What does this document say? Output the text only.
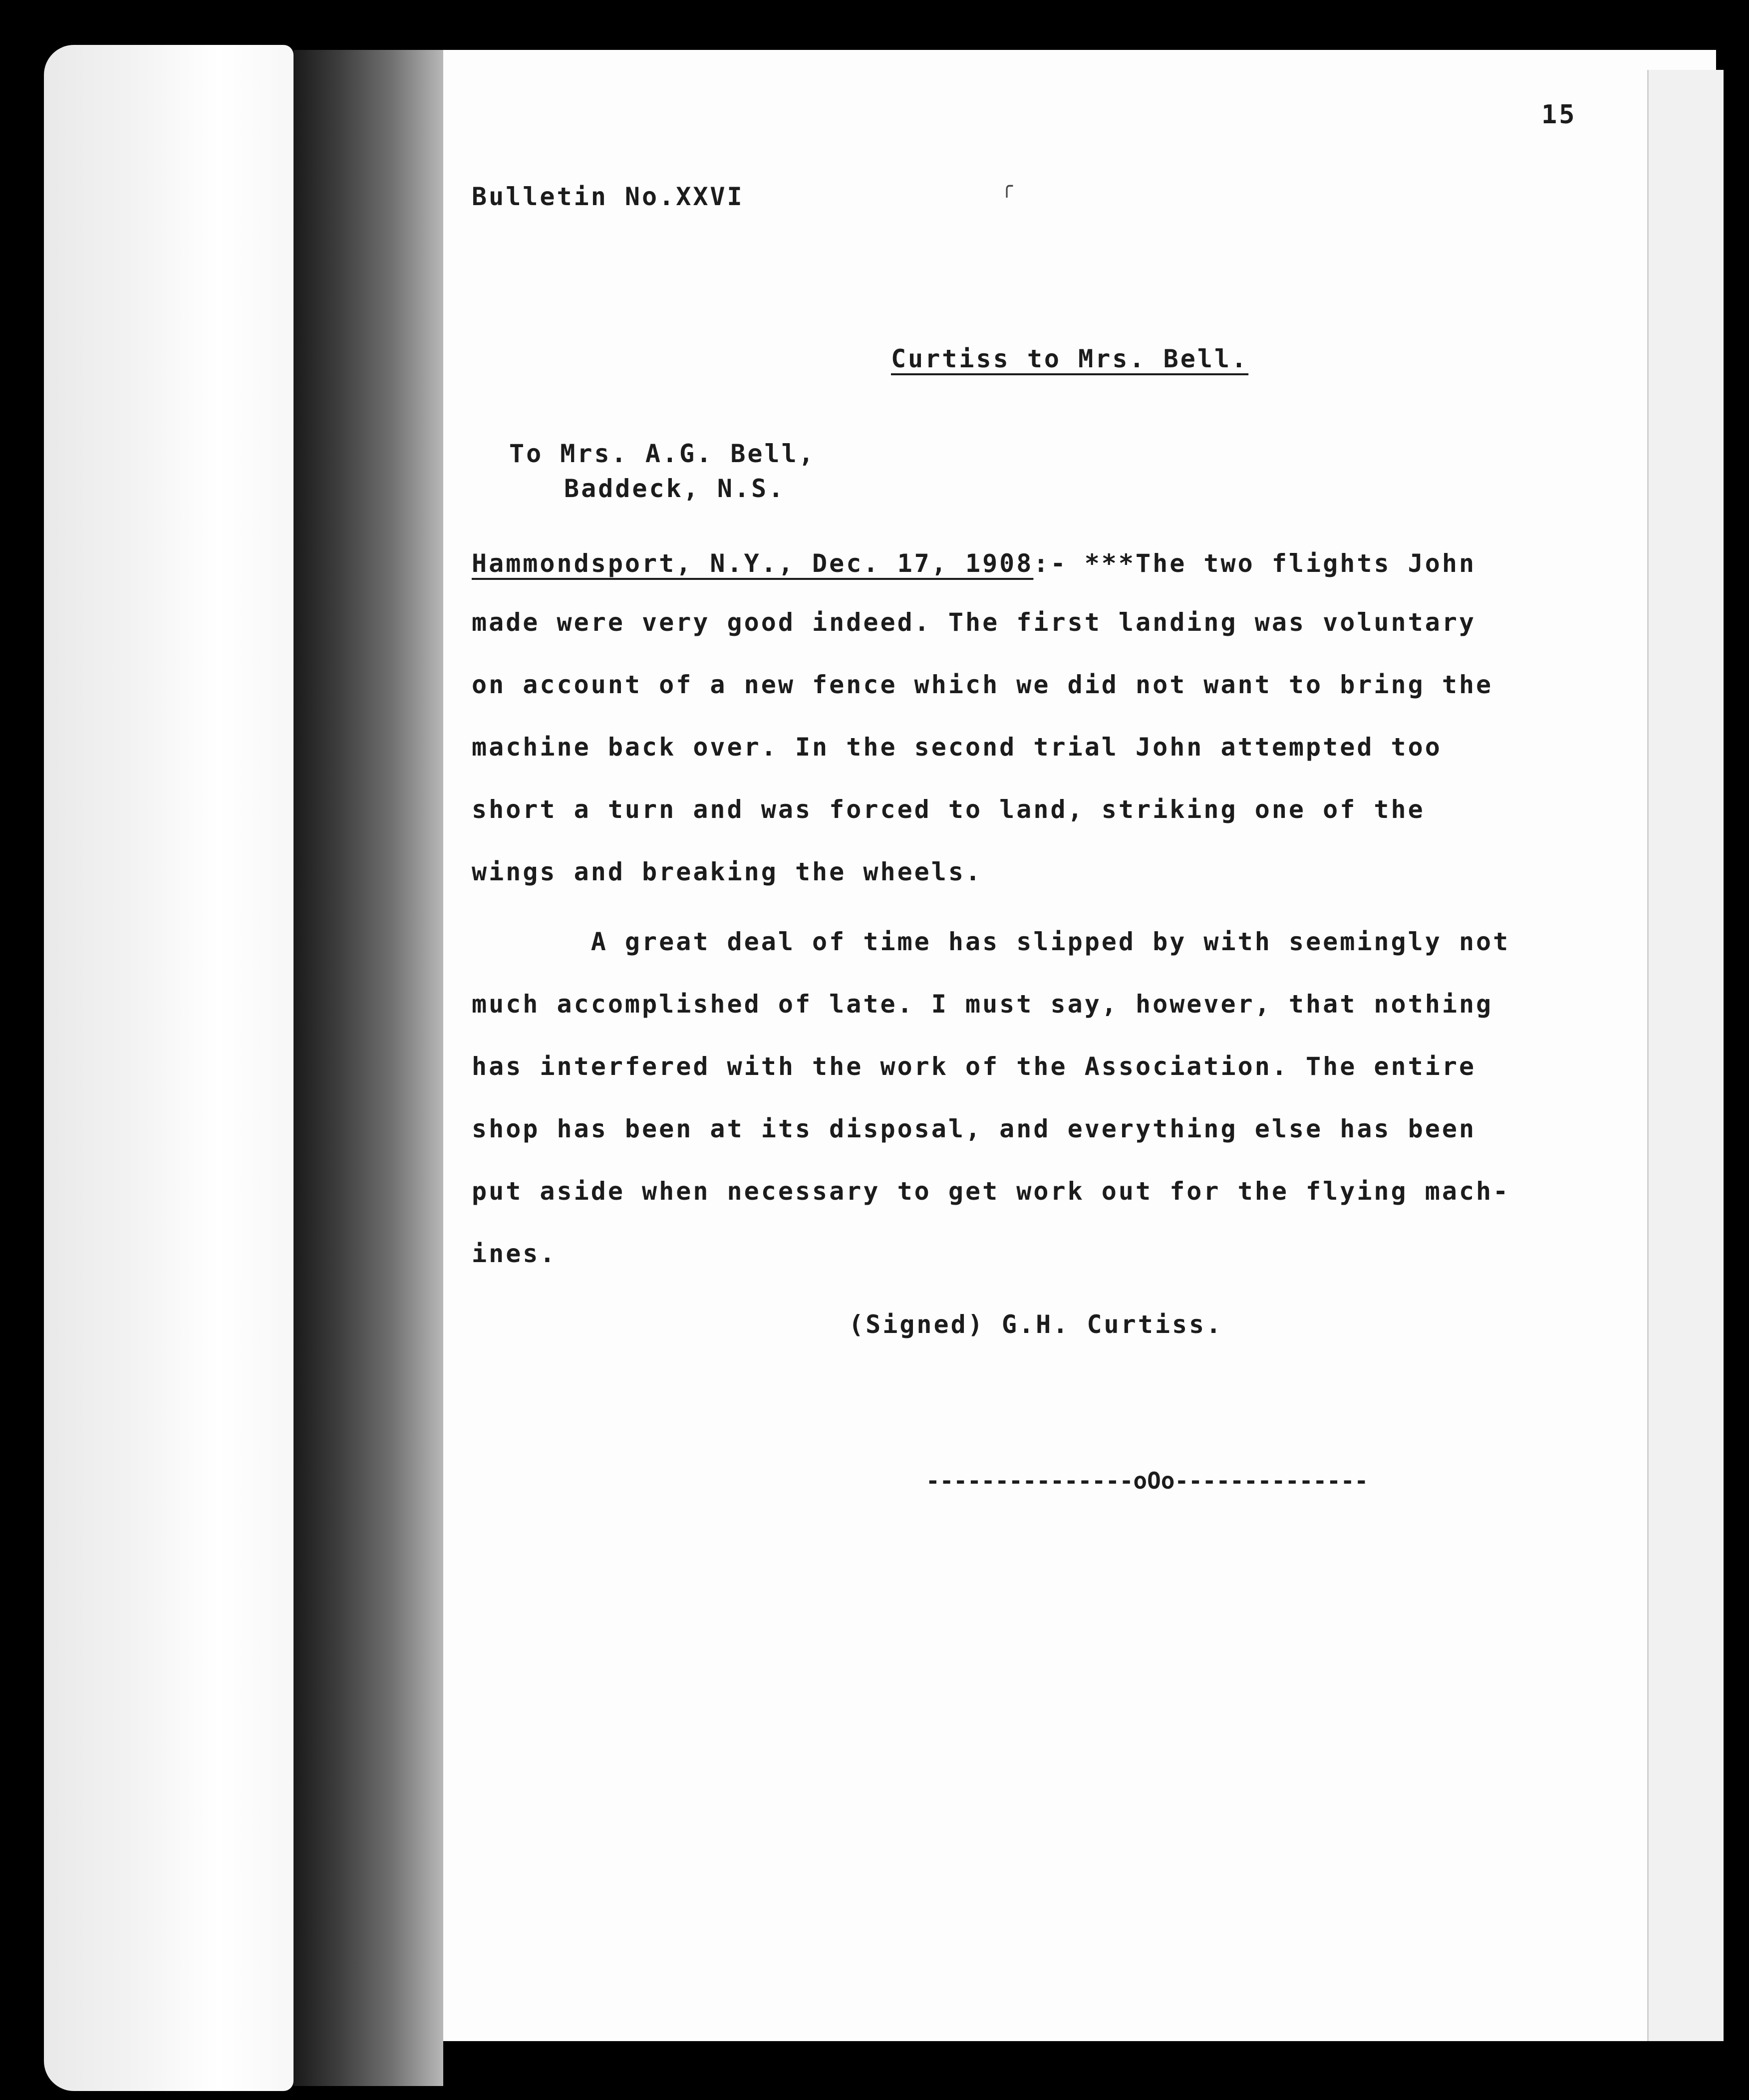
15
Bulletin No.XXVI	╭
Curtiss to Mrs. Bell.
To Mrs. A.G. Bell,
Baddeck, N.S.
Hammondsport, N.Y., Dec. 17, 1908:- ***The two flights John
made were very good indeed. The first landing was voluntary
on account of a new fence which we did not want to bring the
machine back over. In the second trial John attempted too
short a turn and was forced to land, striking one of the
wings and breaking the wheels.
A great deal of time has slipped by with seemingly not
much accomplished of late. I must say, however, that nothing
has interfered with the work of the Association. The entire
shop has been at its disposal, and everything else has been
put aside when necessary to get work out for the flying mach-
ines.
(Signed) G.H. Curtiss.
---------------oOo--------------
